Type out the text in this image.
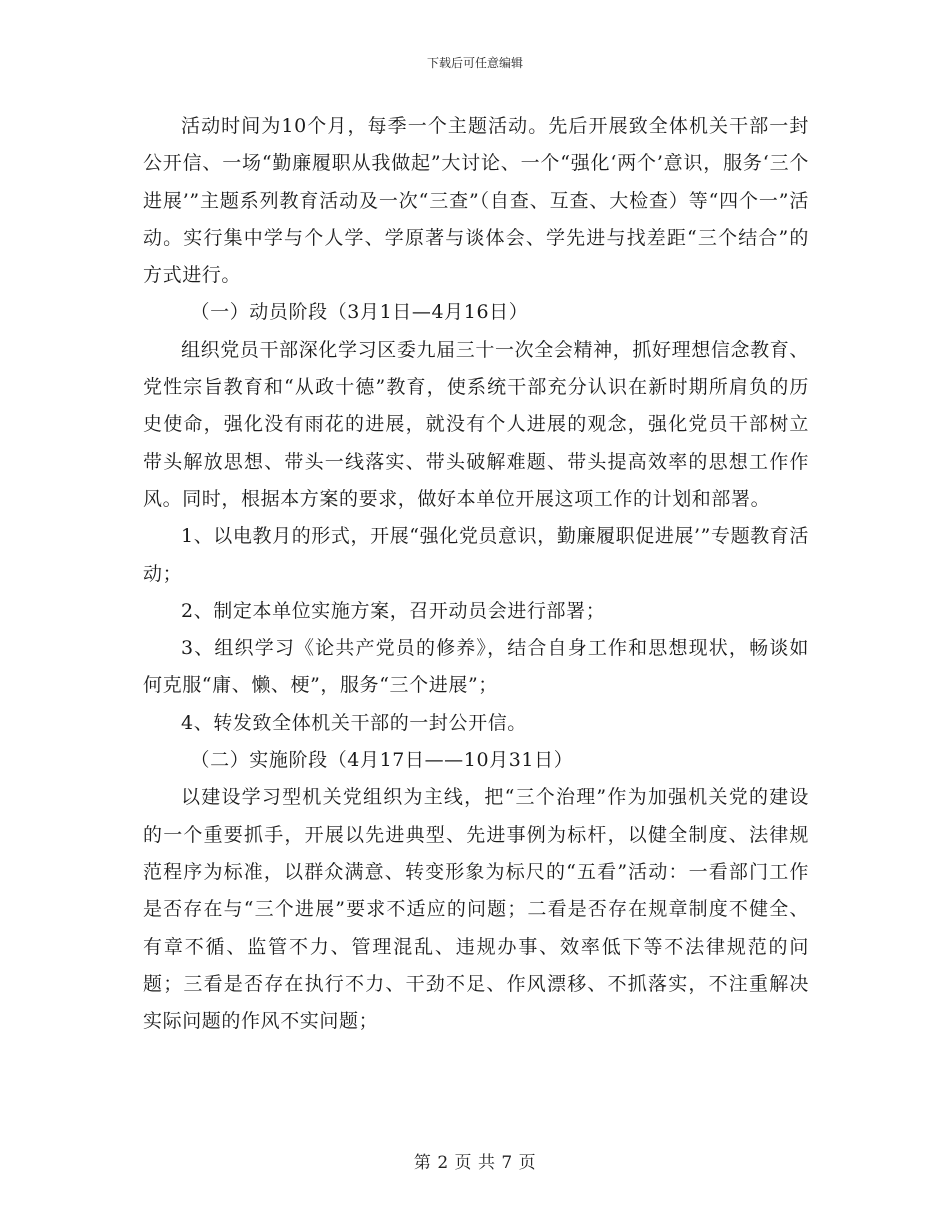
下载后可任意编辑

活动时间为10个月，每季一个主题活动。先后开展致全体机关干部一封公开信、一场“勤廉履职从我做起”大讨论、一个“强化‘两个’意识，服务‘三个进展’”主题系列教育活动及一次“三查”（自查、互查、大检查）等“四个一”活动。实行集中学与个人学、学原著与谈体会、学先进与找差距“三个结合”的方式进行。

（一）动员阶段（3月1日—4月16日）

组织党员干部深化学习区委九届三十一次全会精神，抓好理想信念教育、党性宗旨教育和“从政十德”教育，使系统干部充分认识在新时期所肩负的历史使命，强化没有雨花的进展，就没有个人进展的观念，强化党员干部树立带头解放思想、带头一线落实、带头破解难题、带头提高效率的思想工作作风。同时，根据本方案的要求，做好本单位开展这项工作的计划和部署。

1、以电教月的形式，开展“强化党员意识，勤廉履职促进展’”专题教育活动；

2、制定本单位实施方案，召开动员会进行部署；

3、组织学习《论共产党员的修养》，结合自身工作和思想现状，畅谈如何克服“庸、懒、梗”，服务“三个进展”；

4、转发致全体机关干部的一封公开信。

（二）实施阶段（4月17日——10月31日）

以建设学习型机关党组织为主线，把“三个治理”作为加强机关党的建设的一个重要抓手，开展以先进典型、先进事例为标杆，以健全制度、法律规范程序为标准，以群众满意、转变形象为标尺的“五看”活动：一看部门工作是否存在与“三个进展”要求不适应的问题；二看是否存在规章制度不健全、有章不循、监管不力、管理混乱、违规办事、效率低下等不法律规范的问题；三看是否存在执行不力、干劲不足、作风漂移、不抓落实，不注重解决实际问题的作风不实问题；

第 2 页 共 7 页
